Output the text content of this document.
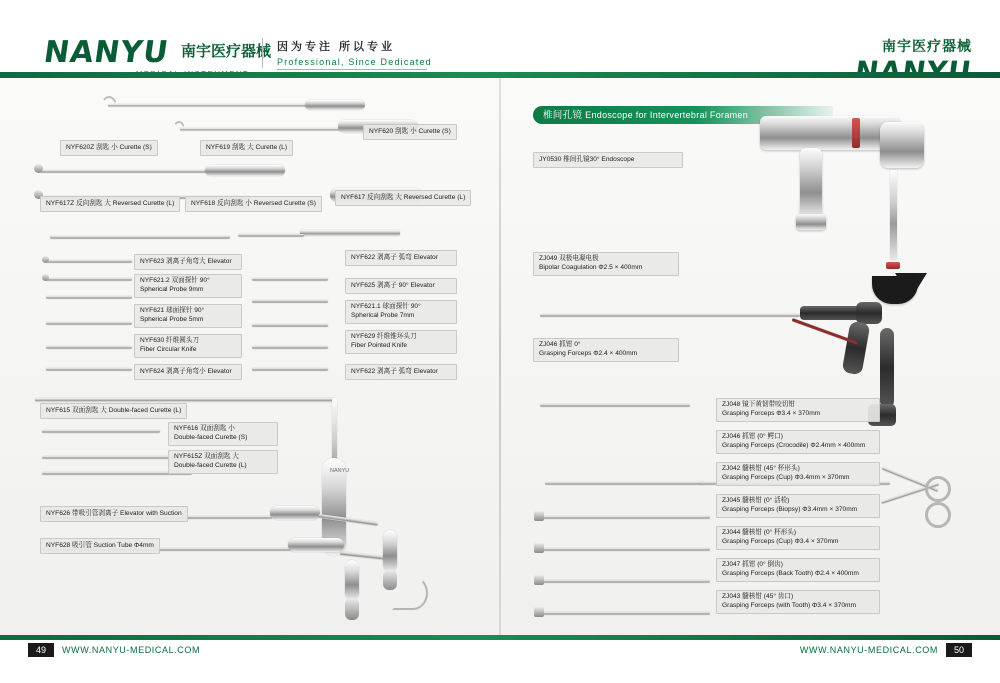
NANYU 南宇医疗器械 因为专注 所以专业
Professional, Since Dedicated
南宇医疗器械
NANYU
NYF620Z 刮匙 小 Curette (S)	NYF619 刮匙 大 Curette (L)
NYF620 刮匙 小 Curette (S)
NYF617Z 反向刮匙 大 Reversed Curette (L)	NYF618 反向刮匙 小 Reversed Curette (S)
NYF617 反向刮匙 大 Reversed Curette (L)
NYF623 剥离子角弯大 Elevator
NYF622 剥离子 弧弯 Elevator
NYF621.2 双面探针 90°
Spherical Probe 9mm
NYF625 剥离子 90° Elevator
NYF621 球面探针 90°
Spherical Probe 5mm
NYF621.1 球面探针 90°
Spherical Probe 7mm
NYF630 纤维圆头刀
Fiber Circular Knife
NYF629 纤维锥环头刀
Fiber Pointed Knife
NYF624 剥离子角弯小 Elevator	NYF622 剥离子 弧弯 Elevator
NYF615 双面刮匙 大 Double-faced Curette (L)
NYF616 双面刮匙 小
Double-faced Curette (S)
NYF615Z 双面刮匙 大
Double-faced Curette (L)
NYF626 带吸引管剥离子 Elevator with Suction
NYF628 吸引管 Suction Tube Φ4mm
椎间孔镜 Endoscope for Intervertebral Foramen
JY0530 椎间孔镜30° Endoscope
ZJ049 双极电凝电极
Bipolar Coagulation Φ2.5 × 400mm
ZJ046 抓钳 0°
Grasping Forceps Φ2.4 × 400mm
ZJ048 镜下黄韧带咬切钳
Grasping Forceps Φ3.4 × 370mm
ZJ046 抓钳 (0° 鳄口)
Grasping Forceps (Crocodile) Φ2.4mm × 400mm
ZJ042 髓核钳 (45° 杯形头)
Grasping Forceps (Cup) Φ3.4mm × 370mm
ZJ045 髓核钳 (0° 活检)
Grasping Forceps (Biopsy) Φ3.4mm × 370mm
ZJ044 髓核钳 (0° 杯形头)
Grasping Forceps (Cup) Φ3.4 × 370mm
ZJ047 抓钳 (0° 倒齿)
Grasping Forceps (Back Tooth) Φ2.4 × 400mm
ZJ043 髓核钳 (45° 齿口)
Grasping Forceps (with Tooth) Φ3.4 × 370mm
49	WWW.NANYU-MEDICAL.COM	WWW.NANYU-MEDICAL.COM	50
